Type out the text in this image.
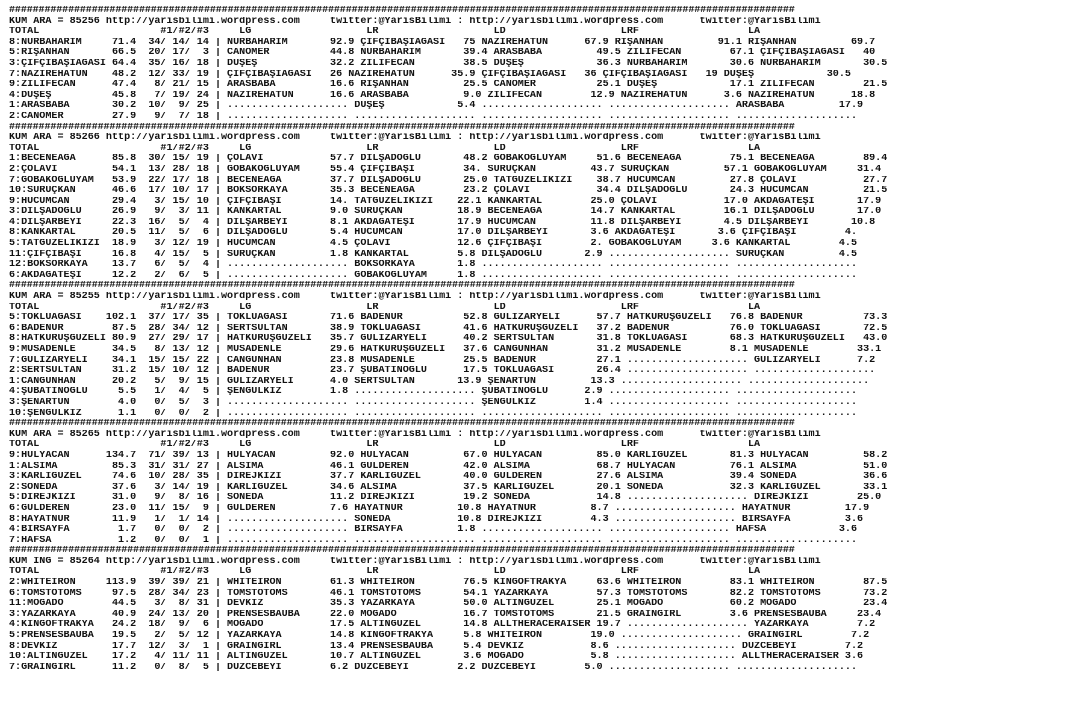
#####################################################################################################################################
KUM ARA = 85256 http://yarisbilimi.wordpress.com     twitter:@YarisBilimi : http://yarisbilimi.wordpress.com      twitter:@YarisBilimi
TOTAL                    #1/#2/#3     LG                   LR                   LD                   LRF                  LA
8:NURBAHARIM     71.4  34/ 14/ 14 | NURBAHARIM       92.9 ÇİFÇİBAŞIAĞASI   75 NAZİREHATUN      67.9 RİŞANHAN         91.1 RİŞANHAN         69.7
5:RİŞANHAN       66.5  20/ 17/  3 | CANÖMER          44.8 NURBAHARIM       39.4 ARASBABA         49.5 ZİLİFECAN        67.1 ÇİFÇİBAŞIAĞASI   40
3:ÇİFÇİBAŞIAĞASI 64.4  35/ 16/ 18 | DÜŞEŞ            32.2 ZİLİFECAN        38.5 DÜŞEŞ            36.3 NURBAHARIM       30.6 NURBAHARIM       30.5
7:NAZİREHATUN    48.2  12/ 33/ 19 | ÇİFÇİBAŞIAĞASI   26 NAZİREHATUN      35.9 ÇİFÇİBAŞIAĞASI   36 ÇİFÇİBAŞIAĞASI   19 DÜŞEŞ            30.5
9:ZİLİFECAN      47.4   8/ 21/ 15 | ARASBABA         16.6 RİŞANHAN         25.5 CANÖMER          25.1 DÜŞEŞ            17.1 ZİLİFECAN        21.5
4:DÜŞEŞ          45.8   7/ 19/ 24 | NAZİREHATUN      16.6 ARASBABA         9.0 ZİLİFECAN        12.9 NAZİREHATUN      3.6 NAZİREHATUN      18.8
1:ARASBABA       30.2  10/  9/ 25 | .................... DÜŞEŞ            5.4 .................... .................... ARASBABA         17.9
2:CANÖMER        27.9   9/  7/ 18 | .................... .................... .................... .................... ....................
#####################################################################################################################################
KUM ARA = 85266 http://yarisbilimi.wordpress.com     twitter:@YarisBilimi : http://yarisbilimi.wordpress.com      twitter:@YarisBilimi
TOTAL                    #1/#2/#3     LG                   LR                   LD                   LRF                  LA
1:BECENEAĞA      85.8  30/ 15/ 19 | ÇOLAVİ           57.7 DİLŞADOĞLU       48.2 GOBAKOĞLUYAM     51.6 BECENEAĞA        75.1 BECENEAĞA        89.4
2:ÇOLAVİ         54.1  13/ 28/ 18 | GOBAKOĞLUYAM     55.4 ÇİFÇİBAŞI        34. SURUÇKAN         43.7 SURUÇKAN         57.1 GOBAKOĞLUYAM     31.4
7:GOBAKOĞLUYAM   53.9  22/ 17/ 18 | BECENEAĞA        37.7 DİLŞADOĞLU       25.0 TATGÜZELİKIZI    38.7 HÜCUMCAN         27.8 ÇOLAVİ           27.7
10:SURUÇKAN      46.6  17/ 10/ 17 | BOKSÖRKAYA       35.3 BECENEAĞA        23.2 ÇOLAVİ           34.4 DİLŞADOĞLU       24.3 HÜCUMCAN         21.5
9:HÜCUMCAN       29.4   3/ 15/ 10 | ÇİFÇİBAŞI        14. TATGÜZELİKIZI    22.1 KANKARTAL        25.0 ÇOLAVİ           17.0 AKDAĞATEŞİ       17.9
3:DİLŞADOĞLU     26.9   9/  3/ 11 | KANKARTAL        9.0 SURUÇKAN         18.9 BECENEAĞA        14.7 KANKARTAL        16.1 DİLŞADOĞLU       17.0
4:DİLŞARBEYİ     22.3  16/  5/  4 | DİLŞARBEYİ       8.1 AKDAĞATEŞİ       17.9 HÜCUMCAN         11.8 DİLŞARBEYİ       4.5 DİLŞARBEYİ       10.8
8:KANKARTAL      20.5  11/  5/  6 | DİLŞADOĞLU       5.4 HÜCUMCAN         17.0 DİLŞARBEYİ       3.6 AKDAĞATEŞİ       3.6 ÇİFÇİBAŞI        4.
5:TATGÜZELİKIZI  18.9   3/ 12/ 19 | HÜCUMCAN         4.5 ÇOLAVİ           12.6 ÇİFÇİBAŞI        2. GOBAKOĞLUYAM     3.6 KANKARTAL        4.5
11:ÇİFÇİBAŞI     16.8   4/ 15/  5 | SURUÇKAN         1.8 KANKARTAL        5.8 DİLŞADOĞLU       2.9 .................... SURUÇKAN         4.5
12:BOKSÖRKAYA    13.7   6/  5/  4 | .................... BOKSÖRKAYA       1.8 .................... .................... ....................
6:AKDAĞATEŞİ     12.2   2/  6/  5 | .................... GOBAKOĞLUYAM     1.8 .................... .................... ....................
#####################################################################################################################################
KUM ARA = 85255 http://yarisbilimi.wordpress.com     twitter:@YarisBilimi : http://yarisbilimi.wordpress.com      twitter:@YarisBilimi
TOTAL                    #1/#2/#3     LG                   LR                   LD                   LRF                  LA
5:TOKLUAĞASI    102.1  37/ 17/ 35 | TOKLUAĞASI       71.6 BADENUR          52.8 GÜLİZARYELİ      57.7 HATKURUŞGÜZELİ   76.8 BADENUR          73.3
6:BADENUR        87.5  28/ 34/ 12 | SERTSULTAN       38.9 TOKLUAĞASI       41.6 HATKURUŞGÜZELİ   37.2 BADENUR          76.0 TOKLUAĞASI       72.5
8:HATKURUŞGÜZELİ 80.9  27/ 29/ 17 | HATKURUŞGÜZELİ   35.7 GÜLİZARYELİ      40.2 SERTSULTAN       31.8 TOKLUAĞASI       68.3 HATKURUŞGÜZELİ   43.0
9:MÜSADENLE      34.5   8/ 13/ 12 | MÜSADENLE        29.6 HATKURUŞGÜZELİ   37.6 CANGÜNHAN        31.2 MÜSADENLE        8.1 MÜSADENLE        33.1
7:GÜLİZARYELİ    34.1  15/ 15/ 22 | CANGÜNHAN        23.8 MÜSADENLE        25.5 BADENUR          27.1 .................... GÜLİZARYELİ      7.2
2:SERTSULTAN     31.2  15/ 10/ 12 | BADENUR          23.7 ŞUBATINOĞLU      17.5 TOKLUAĞASI       26.4 .................... ....................
1:CANGÜNHAN      20.2   5/  9/ 15 | GÜLİZARYELİ      4.0 SERTSULTAN       13.9 ŞENARTUN         13.3 .................... ....................
4:ŞUBATINOĞLU     5.5   1/  4/  5 | ŞENGÜLKIZ        1.8 .................... ŞUBATINOĞLU      2.9 .................... ....................
3:ŞENARTUN        4.0   0/  5/  3 | .................... .................... ŞENGÜLKIZ        1.4 .................... ....................
10:ŞENGÜLKIZ      1.1   0/  0/  2 | .................... .................... .................... .................... ....................
#####################################################################################################################################
KUM ARA = 85265 http://yarisbilimi.wordpress.com     twitter:@YarisBilimi : http://yarisbilimi.wordpress.com      twitter:@YarisBilimi
TOTAL                    #1/#2/#3     LG                   LR                   LD                   LRF                  LA
9:HÜLYACAN      134.7  71/ 39/ 13 | HÜLYACAN         92.0 HÜLYACAN         67.0 HÜLYACAN         85.0 KARLIGÜZEL       81.3 HÜLYACAN         58.2
1:ALSIMA         85.3  31/ 31/ 27 | ALSIMA           46.1 GÜLDEREN         42.0 ALSIMA           68.7 HÜLYACAN         76.1 ALSIMA           51.0
3:KARLIGÜZEL     74.6  10/ 28/ 35 | DİREJKIZI        37.7 KARLIGÜZEL       40.0 GÜLDEREN         27.6 ALSIMA           39.4 SONEDA           36.6
2:SONEDA         37.6   3/ 14/ 19 | KARLIGÜZEL       34.6 ALSIMA           37.5 KARLIGÜZEL       20.1 SONEDA           32.3 KARLIGÜZEL       33.1
5:DİREJKIZI      31.0   9/  8/ 16 | SONEDA           11.2 DİREJKIZI        19.2 SONEDA           14.8 .................... DİREJKIZI        25.0
6:GÜLDEREN       23.0  11/ 15/  9 | GÜLDEREN         7.6 HAYATNUR         10.8 HAYATNUR         8.7 .................... HAYATNUR         17.9
8:HAYATNUR       11.9   1/  1/ 14 | .................... SONEDA           10.8 DİREJKIZI        4.3 .................... BİRSAYFA         3.6
4:BİRSAYFA        1.7   0/  0/  2 | .................... BİRSAYFA         1.8 .................... .................... HAFSA            3.6
7:HAFSA           1.2   0/  0/  1 | .................... .................... .................... .................... ....................
#####################################################################################################################################
KUM İNG = 85264 http://yarisbilimi.wordpress.com     twitter:@YarisBilimi : http://yarisbilimi.wordpress.com      twitter:@YarisBilimi
TOTAL                    #1/#2/#3     LG                   LR                   LD                   LRF                  LA
2:WHITEIRON     113.9  39/ 39/ 21 | WHITEIRON        61.3 WHITEIRON        76.5 KINGOFTRAKYA     63.6 WHITEIRON        83.1 WHITEIRON        87.5
6:TOMSTOTOMS     97.5  28/ 34/ 23 | TOMSTOTOMS       46.1 TOMSTOTOMS       54.1 YAZARKAYA        57.3 TOMSTOTOMS       82.2 TOMSTOTOMS       73.2
11:MOGADO        44.5   3/  8/ 31 | DEVKIZ           35.3 YAZARKAYA        50.0 ALTINGÜZEL       25.1 MOGADO           60.2 MOGADO           23.4
3:YAZARKAYA      40.9  24/ 13/ 20 | PRENSESBAUBA     22.0 MOGADO           16.7 TOMSTOTOMS       21.5 GRAINGIRL        3.6 PRENSESBAUBA     23.4
4:KINGOFTRAKYA   24.2  18/  9/  6 | MOGADO           17.5 ALTINGÜZEL       14.8 ALLTHERACERAISER 19.7 .................... YAZARKAYA        7.2
5:PRENSESBAUBA   19.5   2/  5/ 12 | YAZARKAYA        14.8 KINGOFTRAKYA     5.8 WHITEIRON        19.0 .................... GRAINGIRL        7.2
8:DEVKIZ         17.7  12/  3/  1 | GRAINGIRL        13.4 PRENSESBAUBA     5.4 DEVKIZ           8.6 .................... DÜZCEBEYİ        7.2
10:ALTINGÜZEL    17.2   4/ 11/ 11 | ALTINGÜZEL       10.7 ALTINGÜZEL       3.6 MOGADO           5.8 .................... ALLTHERACERAISER 3.6
7:GRAINGIRL      11.2   0/  8/  5 | DÜZCEBEYİ        6.2 DÜZCEBEYİ        2.2 DÜZCEBEYİ        5.0 .................... ....................
